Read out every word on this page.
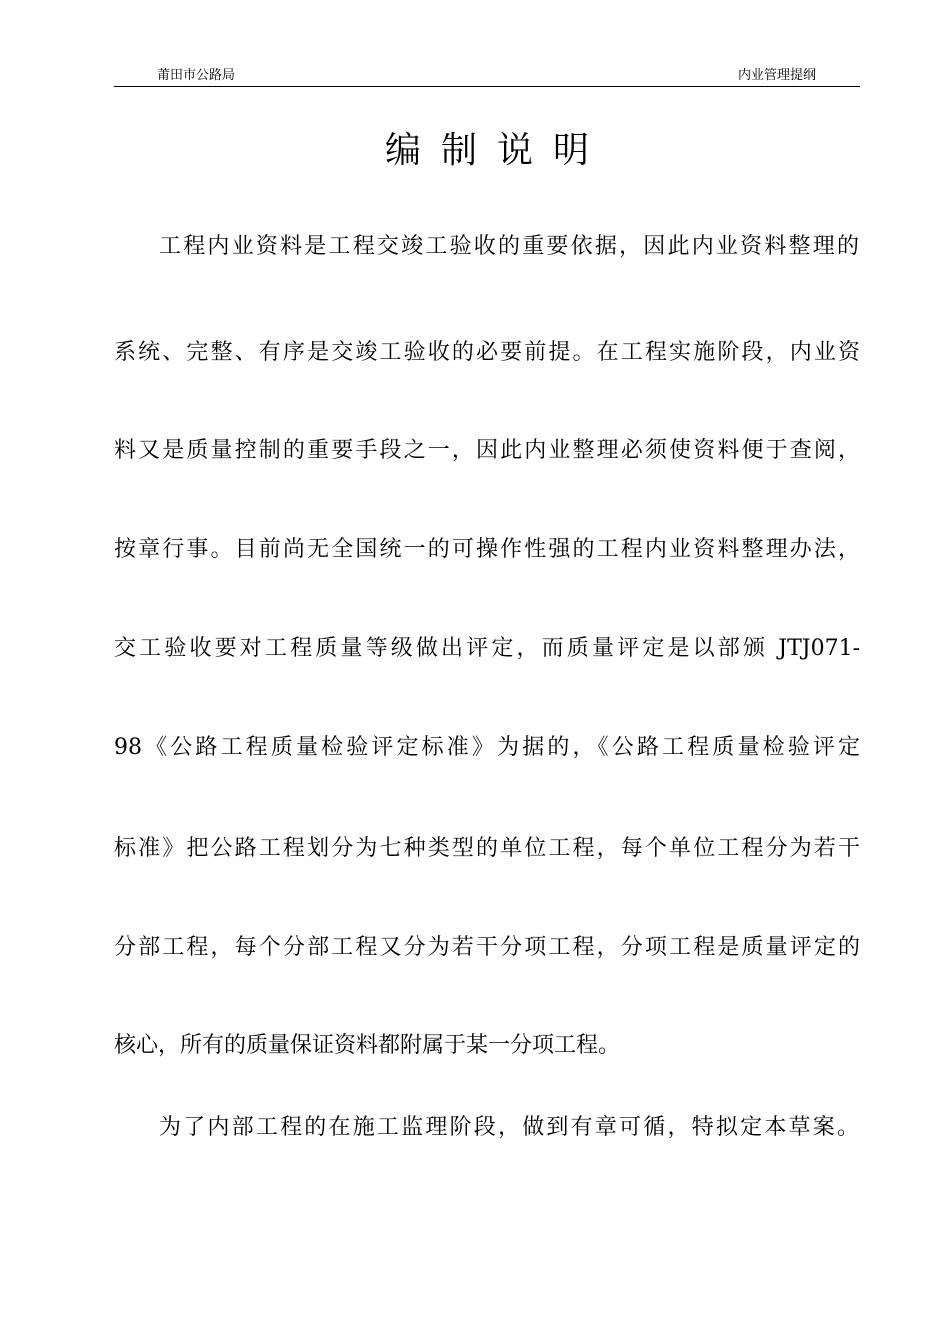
莆田市公路局	内业管理提纲
编制说明
工程内业资料是工程交竣工验收的重要依据，因此内业资料整理的
系统、完整、有序是交竣工验收的必要前提。在工程实施阶段，内业资
料又是质量控制的重要手段之一，因此内业整理必须使资料便于查阅，
按章行事。目前尚无全国统一的可操作性强的工程内业资料整理办法，
交工验收要对工程质量等级做出评定，而质量评定是以部颁 JTJ071-
98《公路工程质量检验评定标准》为据的，《公路工程质量检验评定
标准》把公路工程划分为七种类型的单位工程，每个单位工程分为若干
分部工程，每个分部工程又分为若干分项工程，分项工程是质量评定的
核心，所有的质量保证资料都附属于某一分项工程。
为了内部工程的在施工监理阶段，做到有章可循，特拟定本草案。
